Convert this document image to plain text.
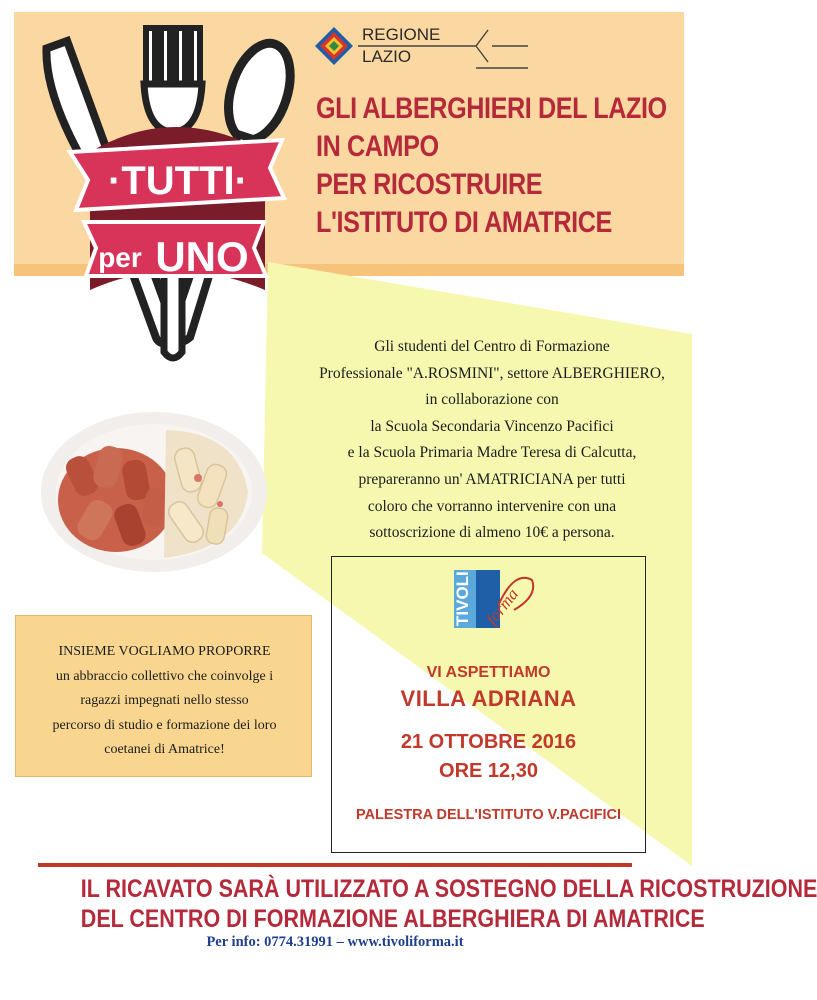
·TUTTI·
per UNO
REGIONE
LAZIO
GLI ALBERGHIERI DEL LAZIO
IN CAMPO
PER RICOSTRUIRE
L'ISTITUTO DI AMATRICE
Gli studenti del Centro di Formazione
Professionale "A.ROSMINI", settore ALBERGHIERO,
in collaborazione con
la Scuola Secondaria Vincenzo Pacifici
e la Scuola Primaria Madre Teresa di Calcutta,
prepareranno un' AMATRICIANA per tutti
coloro che vorranno intervenire con una
sottoscrizione di almeno 10€ a persona.
INSIEME VOGLIAMO PROPORRE
un abbraccio collettivo che coinvolge i
ragazzi impegnati nello stesso
percorso di studio e formazione dei loro
coetanei di Amatrice!
TIVOLI forma
VI ASPETTIAMO
VILLA ADRIANA
21 OTTOBRE 2016
ORE 12,30
PALESTRA DELL'ISTITUTO V.PACIFICI
IL RICAVATO SARÀ UTILIZZATO A SOSTEGNO DELLA RICOSTRUZIONE
DEL CENTRO DI FORMAZIONE ALBERGHIERA DI AMATRICE
Per info: 0774.31991 – www.tivoliforma.it
